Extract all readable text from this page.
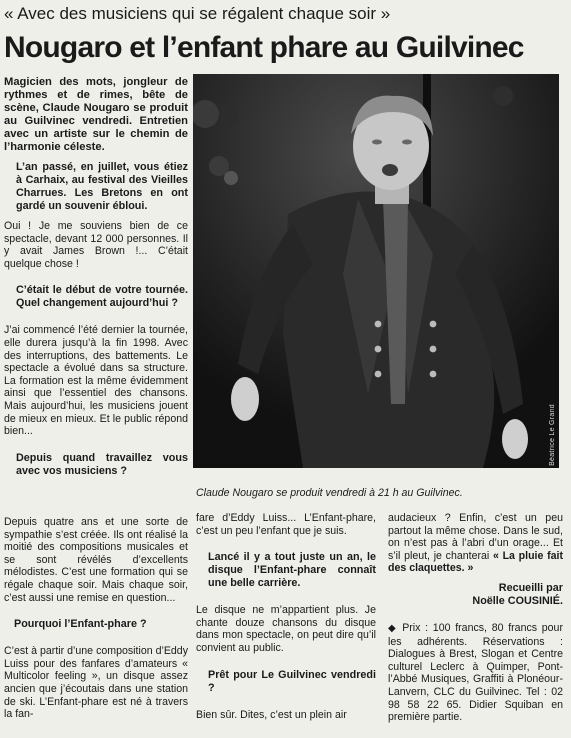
« Avec des musiciens qui se régalent chaque soir »
Nougaro et l’enfant phare au Guilvinec

Magicien des mots, jongleur de rythmes et de rimes, bête de scène, Claude Nougaro se produit au Guilvinec vendredi. Entretien avec un artiste sur le chemin de l’harmonie céleste.

L’an passé, en juillet, vous étiez à Carhaix, au festival des Vieilles Charrues. Les Bretons en ont gardé un souvenir ébloui.

Oui ! Je me souviens bien de ce spectacle, devant 12 000 personnes. Il y avait James Brown !... C’était quelque chose !

C’était le début de votre tournée. Quel changement aujourd’hui ?

J’ai commencé l’été dernier la tournée, elle durera jusqu’à la fin 1998. Avec des interruptions, des battements. Le spectacle a évolué dans sa structure. La formation est la même évidemment ainsi que l’essentiel des chansons. Mais aujourd’hui, les musiciens jouent de mieux en mieux. Et le public répond bien...

Depuis quand travaillez vous avec vos musiciens ?

Depuis quatre ans et une sorte de sympathie s’est créée. Ils ont réalisé la moitié des compositions musicales et se sont révélés d’excellents mélodistes. C’est une formation qui se régale chaque soir. Mais chaque soir, c’est aussi une remise en question...

Pourquoi l’Enfant-phare ?

C’est à partir d’une composition d’Eddy Luiss pour des fanfares d’amateurs « Multicolor feeling », un disque assez ancien que j’écoutais dans une station de ski. L’Enfant-phare est né à travers la fan-

Béatrice Le Grand
Claude Nougaro se produit vendredi à 21 h au Guilvinec.

fare d’Eddy Luiss... L’Enfant-phare, c’est un peu l’enfant que je suis.

Lancé il y a tout juste un an, le disque l’Enfant-phare connaît une belle carrière.

Le disque ne m’appartient plus. Je chante douze chansons du disque dans mon spectacle, on peut dire qu’il convient au public.

Prêt pour Le Guilvinec vendredi ?

Bien sûr. Dites, c’est un plein air

audacieux ? Enfin, c’est un peu partout la même chose. Dans le sud, on n’est pas à l’abri d’un orage... Et s’il pleut, je chanterai « La pluie fait des claquettes. »

Recueilli par

Noëlle COUSINIÉ.

◆ Prix : 100 francs, 80 francs pour les adhérents. Réservations : Dialogues à Brest, Slogan et Centre culturel Leclerc à Quimper, Pont-l’Abbé Musiques, Graffiti à Plonéour-Lanvern, CLC du Guilvinec. Tel : 02 98 58 22 65. Didier Squiban en première partie.
